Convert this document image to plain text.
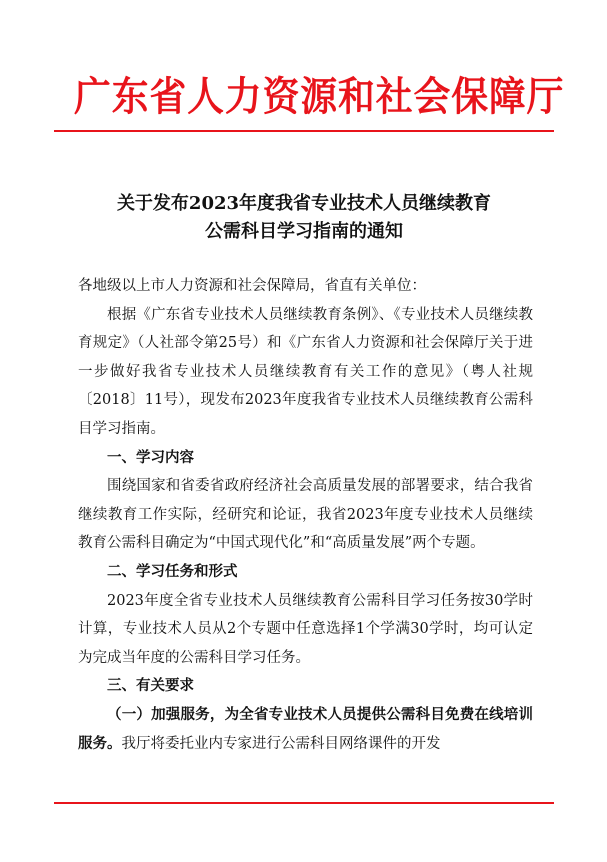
广东省人力资源和社会保障厅
关于发布2023年度我省专业技术人员继续教育
公需科目学习指南的通知

各地级以上市人力资源和社会保障局，省直有关单位：

根据《广东省专业技术人员继续教育条例》、《专业技术人员继续教育规定》（人社部令第25号）和《广东省人力资源和社会保障厅关于进一步做好我省专业技术人员继续教育有关工作的意见》（粤人社规〔2018〕11号），现发布2023年度我省专业技术人员继续教育公需科目学习指南。

一、学习内容

围绕国家和省委省政府经济社会高质量发展的部署要求，结合我省继续教育工作实际，经研究和论证，我省2023年度专业技术人员继续教育公需科目确定为“中国式现代化”和“高质量发展”两个专题。

二、学习任务和形式

2023年度全省专业技术人员继续教育公需科目学习任务按30学时计算，专业技术人员从2个专题中任意选择1个学满30学时，均可认定为完成当年度的公需科目学习任务。

三、有关要求

（一）加强服务，为全省专业技术人员提供公需科目免费在线培训服务。我厅将委托业内专家进行公需科目网络课件的开发
